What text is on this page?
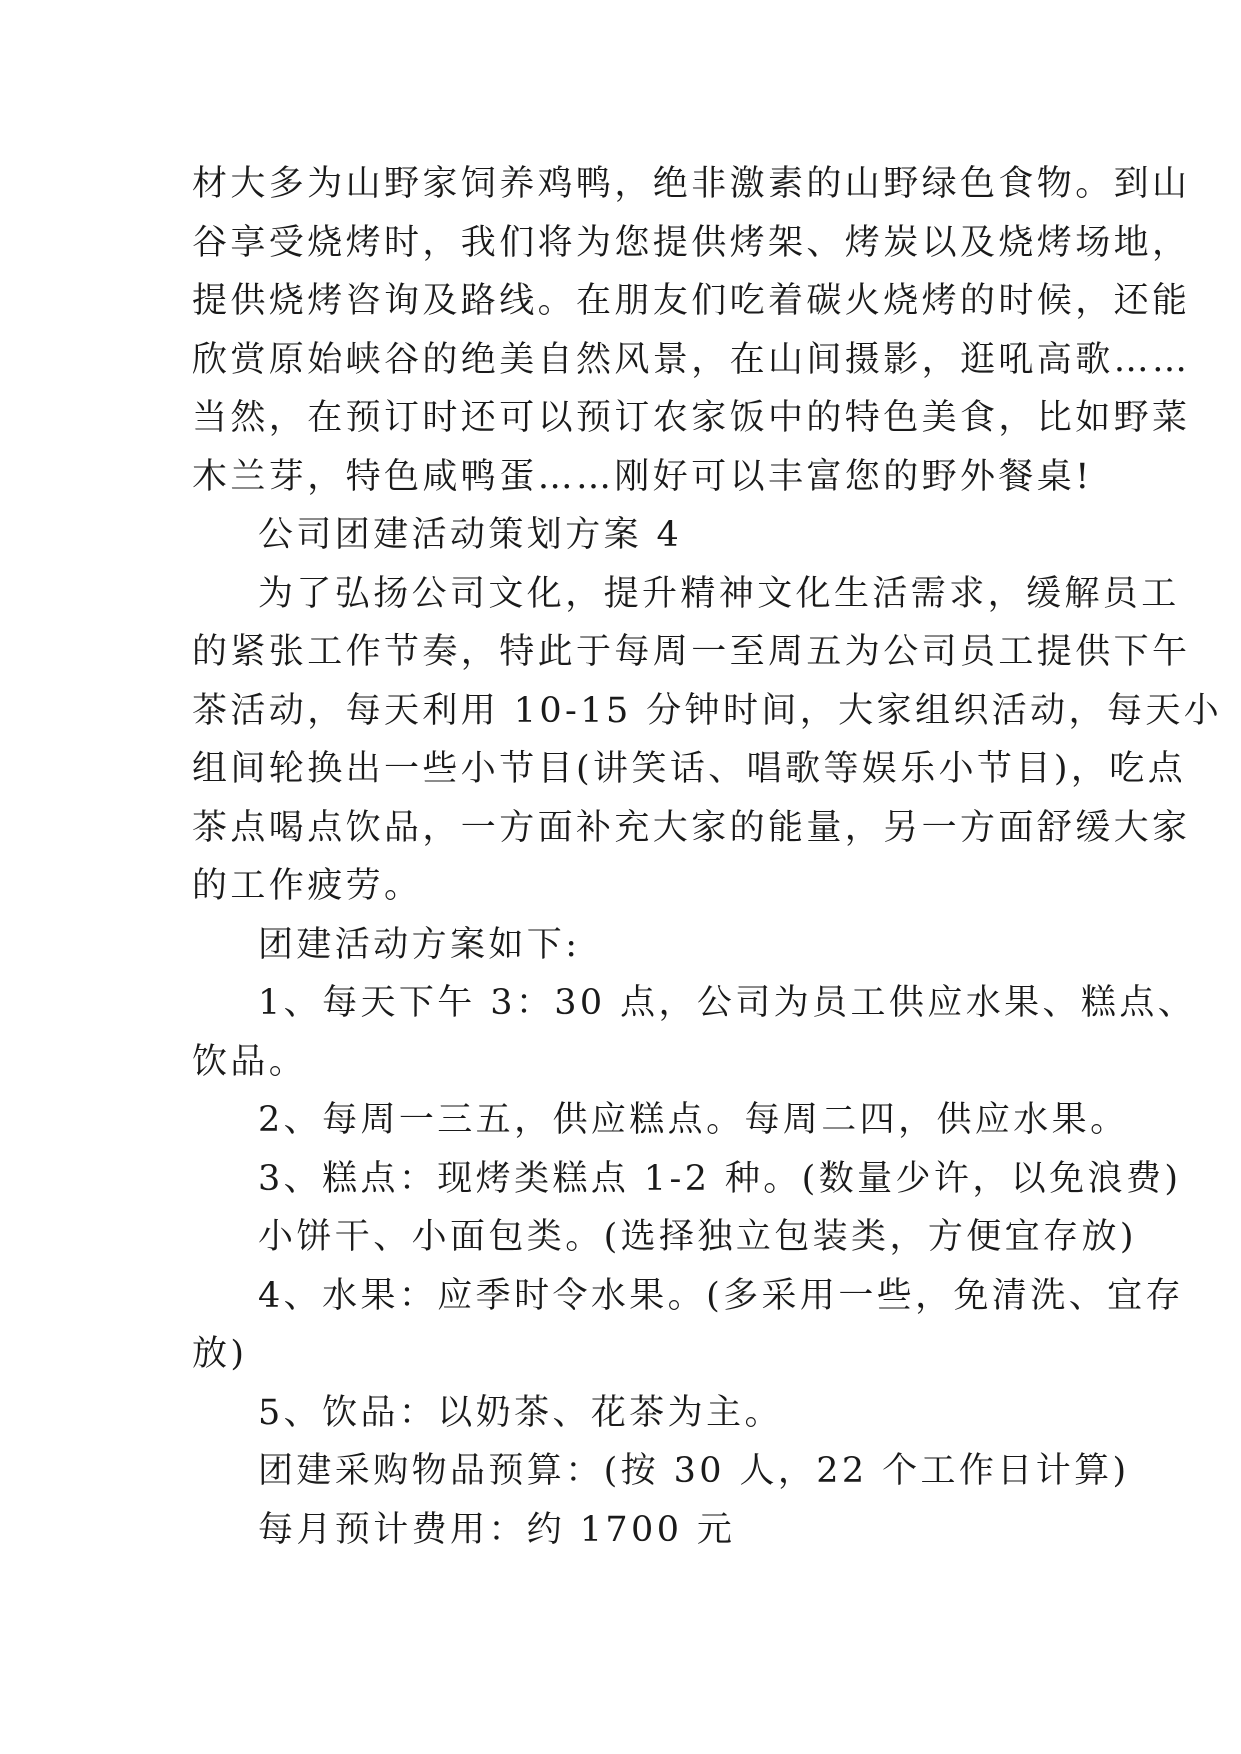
材大多为山野家饲养鸡鸭，绝非激素的山野绿色食物。到山
谷享受烧烤时，我们将为您提供烤架、烤炭以及烧烤场地，
提供烧烤咨询及路线。在朋友们吃着碳火烧烤的时候，还能
欣赏原始峡谷的绝美自然风景，在山间摄影，逛吼高歌……
当然，在预订时还可以预订农家饭中的特色美食，比如野菜
木兰芽，特色咸鸭蛋……刚好可以丰富您的野外餐桌!
公司团建活动策划方案 4
为了弘扬公司文化，提升精神文化生活需求，缓解员工
的紧张工作节奏，特此于每周一至周五为公司员工提供下午
茶活动，每天利用 10-15 分钟时间，大家组织活动，每天小
组间轮换出一些小节目(讲笑话、唱歌等娱乐小节目)，吃点
茶点喝点饮品，一方面补充大家的能量，另一方面舒缓大家
的工作疲劳。
团建活动方案如下:
1、每天下午 3：30 点，公司为员工供应水果、糕点、
饮品。
2、每周一三五，供应糕点。每周二四，供应水果。
3、糕点：现烤类糕点 1-2 种。(数量少许，以免浪费)
小饼干、小面包类。(选择独立包装类，方便宜存放)
4、水果：应季时令水果。(多采用一些，免清洗、宜存
放)
5、饮品：以奶茶、花茶为主。
团建采购物品预算：(按 30 人，22 个工作日计算)
每月预计费用：约 1700 元
